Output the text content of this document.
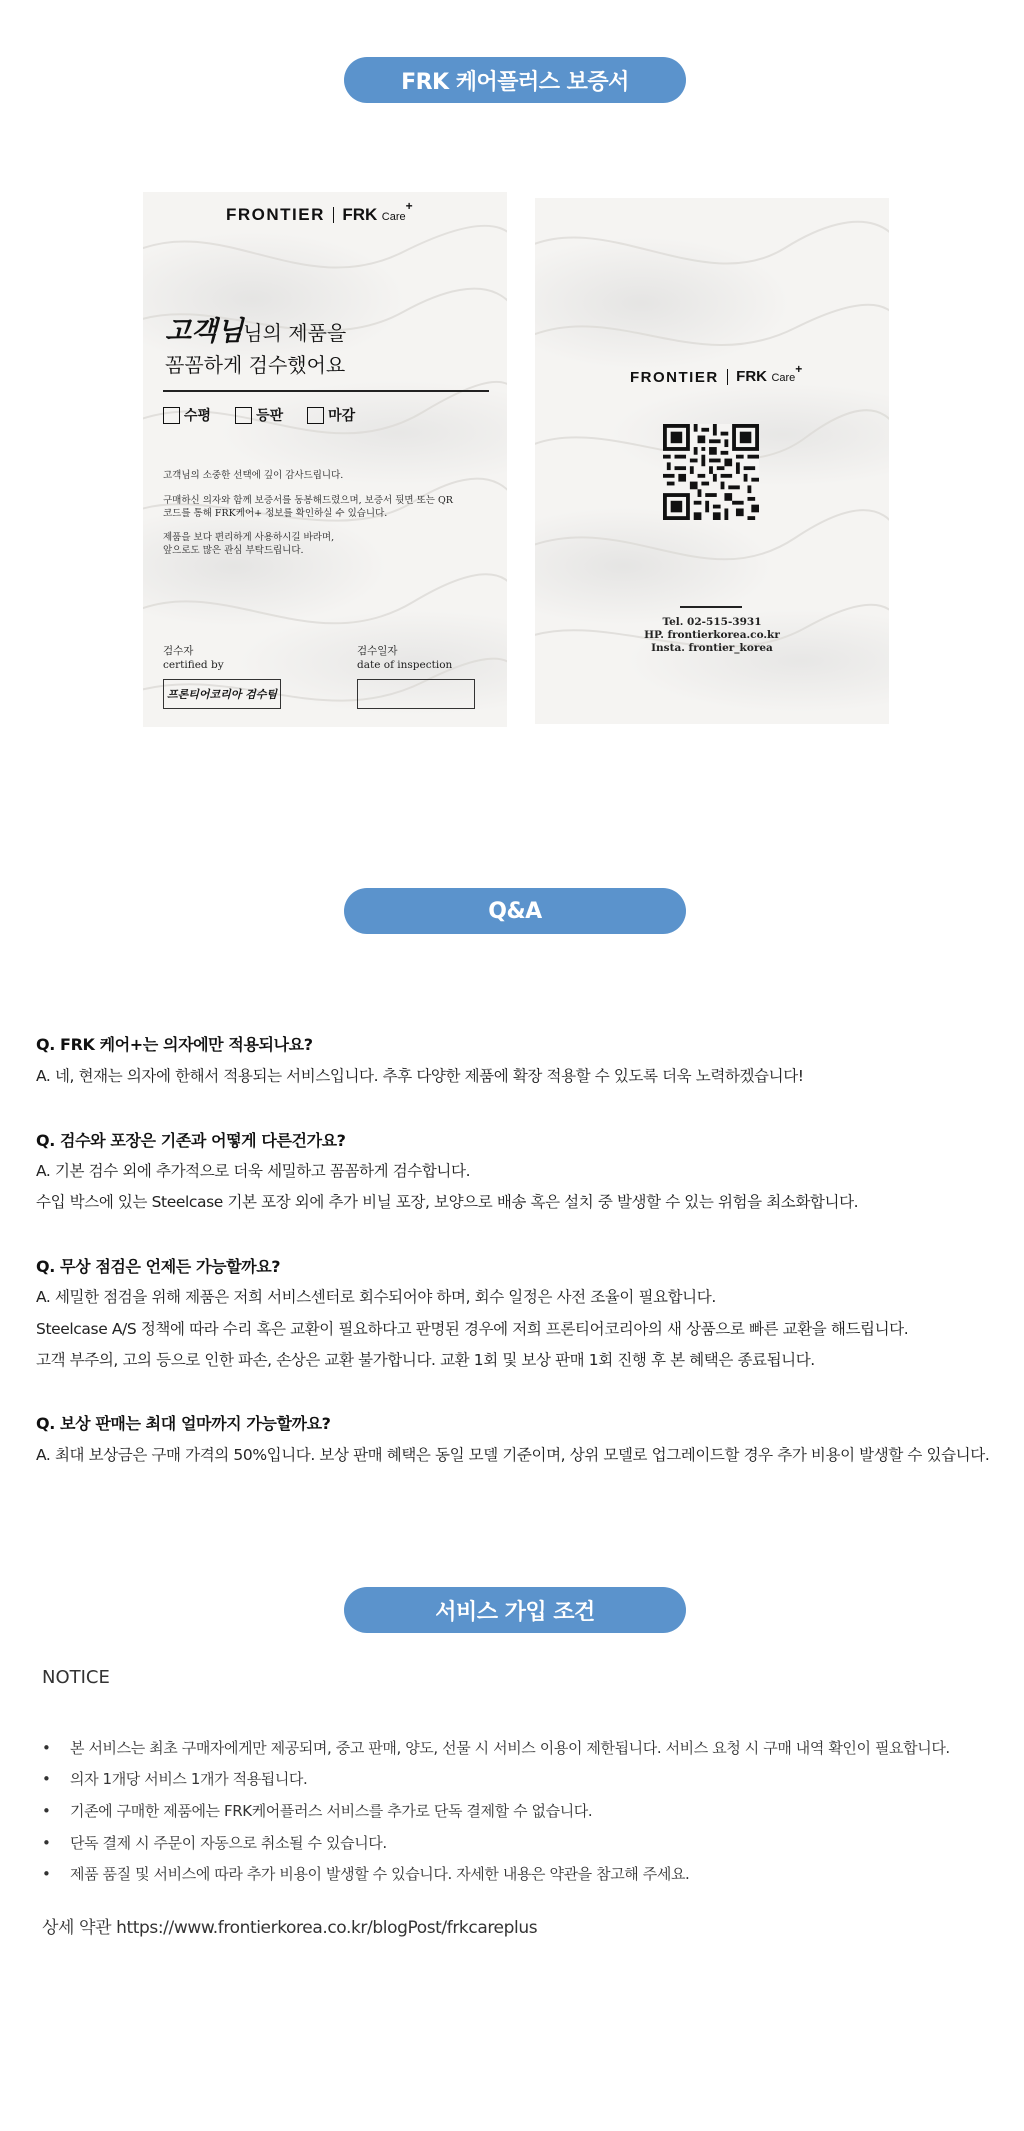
FRK 케어플러스 보증서
FRONTIER FRK Care+
고객님님의 제품을
꼼꼼하게 검수했어요
수평	등판	마감
고객님의 소중한 선택에 깊이 감사드립니다.
구매하신 의자와 함께 보증서를 동봉해드렸으며, 보증서 뒷면 또는 QR
코드를 통해 FRK케어+ 정보를 확인하실 수 있습니다.
제품을 보다 편리하게 사용하시길 바라며,
앞으로도 많은 관심 부탁드립니다.
검수자
certified by
프론티어코리아 검수팀
검수일자
date of inspection
FRONTIER FRK Care+
Tel. 02-515-3931
HP. frontierkorea.co.kr
Insta. frontier_korea
Q&A
Q. FRK 케어+는 의자에만 적용되나요?
A. 네, 현재는 의자에 한해서 적용되는 서비스입니다. 추후 다양한 제품에 확장 적용할 수 있도록 더욱 노력하겠습니다!
Q. 검수와 포장은 기존과 어떻게 다른건가요?
A. 기본 검수 외에 추가적으로 더욱 세밀하고 꼼꼼하게 검수합니다.
수입 박스에 있는 Steelcase 기본 포장 외에 추가 비닐 포장, 보양으로 배송 혹은 설치 중 발생할 수 있는 위험을 최소화합니다.
Q. 무상 점검은 언제든 가능할까요?
A. 세밀한 점검을 위해 제품은 저희 서비스센터로 회수되어야 하며, 회수 일정은 사전 조율이 필요합니다.
Steelcase A/S 정책에 따라 수리 혹은 교환이 필요하다고 판명된 경우에 저희 프론티어코리아의 새 상품으로 빠른 교환을 해드립니다.
고객 부주의, 고의 등으로 인한 파손, 손상은 교환 불가합니다. 교환 1회 및 보상 판매 1회 진행 후 본 혜택은 종료됩니다.
Q. 보상 판매는 최대 얼마까지 가능할까요?
A. 최대 보상금은 구매 가격의 50%입니다. 보상 판매 혜택은 동일 모델 기준이며, 상위 모델로 업그레이드할 경우 추가 비용이 발생할 수 있습니다.
서비스 가입 조건
NOTICE
• 본 서비스는 최초 구매자에게만 제공되며, 중고 판매, 양도, 선물 시 서비스 이용이 제한됩니다. 서비스 요청 시 구매 내역 확인이 필요합니다.
• 의자 1개당 서비스 1개가 적용됩니다.
• 기존에 구매한 제품에는 FRK케어플러스 서비스를 추가로 단독 결제할 수 없습니다.
• 단독 결제 시 주문이 자동으로 취소될 수 있습니다.
• 제품 품질 및 서비스에 따라 추가 비용이 발생할 수 있습니다. 자세한 내용은 약관을 참고해 주세요.
상세 약관 https://www.frontierkorea.co.kr/blogPost/frkcareplus
